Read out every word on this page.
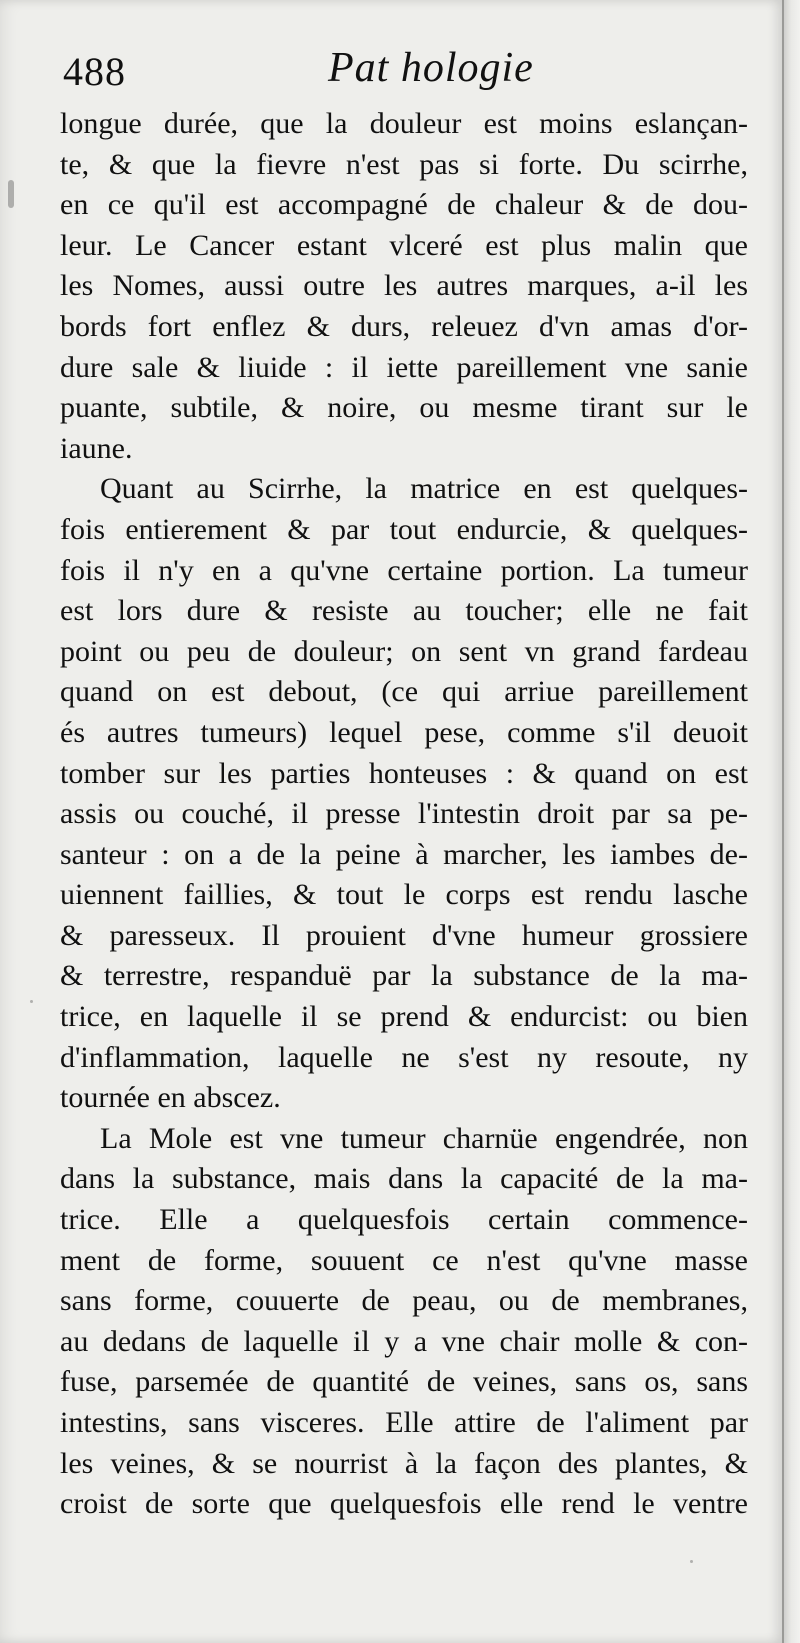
488	Pat hologie
longue durée, que la douleur est moins eslançan-
te, & que la fievre n'est pas si forte. Du scirrhe,
en ce qu'il est accompagné de chaleur & de dou-
leur. Le Cancer estant vlceré est plus malin que
les Nomes, aussi outre les autres marques, a-il les
bords fort enflez & durs, releuez d'vn amas d'or-
dure sale & liuide : il iette pareillement vne sanie
puante, subtile, & noire, ou mesme tirant sur le
iaune.
Quant au Scirrhe, la matrice en est quelques-
fois entierement & par tout endurcie, & quelques-
fois il n'y en a qu'vne certaine portion. La tumeur
est lors dure & resiste au toucher; elle ne fait
point ou peu de douleur; on sent vn grand fardeau
quand on est debout, (ce qui arriue pareillement
és autres tumeurs) lequel pese, comme s'il deuoit
tomber sur les parties honteuses : & quand on est
assis ou couché, il presse l'intestin droit par sa pe-
santeur : on a de la peine à marcher, les iambes de-
uiennent faillies, & tout le corps est rendu lasche
& paresseux. Il prouient d'vne humeur grossiere
& terrestre, respanduë par la substance de la ma-
trice, en laquelle il se prend & endurcist: ou bien
d'inflammation, laquelle ne s'est ny resoute, ny
tournée en abscez.
La Mole est vne tumeur charnüe engendrée, non
dans la substance, mais dans la capacité de la ma-
trice. Elle a quelquesfois certain commence-
ment de forme, souuent ce n'est qu'vne masse
sans forme, couuerte de peau, ou de membranes,
au dedans de laquelle il y a vne chair molle & con-
fuse, parsemée de quantité de veines, sans os, sans
intestins, sans visceres. Elle attire de l'aliment par
les veines, & se nourrist à la façon des plantes, &
croist de sorte que quelquesfois elle rend le ventre
